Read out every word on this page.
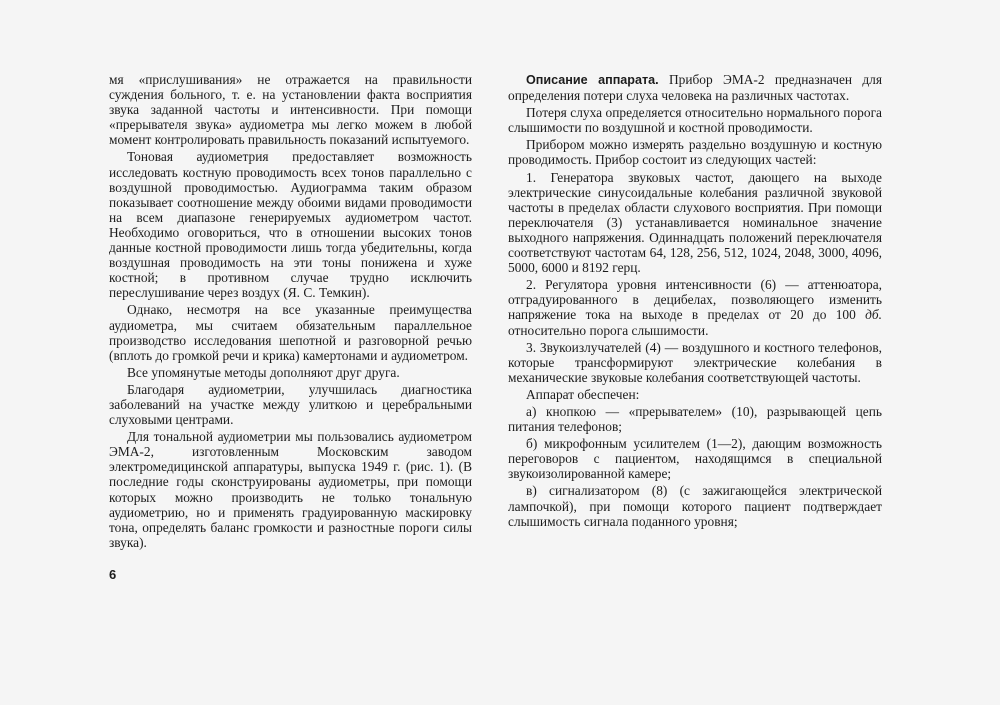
мя «прислушивания» не отражается на правильности суждения больного, т. е. на установлении факта восприятия звука заданной частоты и интенсивности. При помощи «прерывателя звука» аудиометра мы легко можем в любой момент контролировать правильность показаний испытуемого.

Тоновая аудиометрия предоставляет возможность исследовать костную проводимость всех тонов параллельно с воздушной проводимостью. Аудиограмма таким образом показывает соотношение между обоими видами проводимости на всем диапазоне генерируемых аудиометром частот. Необходимо оговориться, что в отношении высоких тонов данные костной проводимости лишь тогда убедительны, когда воздушная проводимость на эти тоны понижена и хуже костной; в противном случае трудно исключить переслушивание через воздух (Я. С. Темкин).

Однако, несмотря на все указанные преимущества аудиометра, мы считаем обязательным параллельное производство исследования шепотной и разговорной речью (вплоть до громкой речи и крика) камертонами и аудиометром.

Все упомянутые методы дополняют друг друга.

Благодаря аудиометрии, улучшилась диагностика заболеваний на участке между улиткою и церебральными слуховыми центрами.

Для тональной аудиометрии мы пользовались аудиометром ЭМА-2, изготовленным Московским заводом электромедицинской аппаратуры, выпуска 1949 г. (рис. 1). (В последние годы сконструированы аудиометры, при помощи которых можно производить не только тональную аудиометрию, но и применять градуированную маскировку тона, определять баланс громкости и разностные пороги силы звука).

Описание аппарата. Прибор ЭМА-2 предназначен для определения потери слуха человека на различных частотах.

Потеря слуха определяется относительно нормального порога слышимости по воздушной и костной проводимости.

Прибором можно измерять раздельно воздушную и костную проводимость. Прибор состоит из следующих частей:

1. Генератора звуковых частот, дающего на выходе электрические синусоидальные колебания различной звуковой частоты в пределах области слухового восприятия. При помощи переключателя (3) устанавливается номинальное значение выходного напряжения. Одиннадцать положений переключателя соответствуют частотам 64, 128, 256, 512, 1024, 2048, 3000, 4096, 5000, 6000 и 8192 герц.

2. Регулятора уровня интенсивности (6) — аттенюатора, отградуированного в децибелах, позволяющего изменить напряжение тока на выходе в пределах от 20 до 100 дб. относительно порога слышимости.

3. Звукоизлучателей (4) — воздушного и костного телефонов, которые трансформируют электрические колебания в механические звуковые колебания соответствующей частоты.

Аппарат обеспечен:

а) кнопкою — «прерывателем» (10), разрывающей цепь питания телефонов;

б) микрофонным усилителем (1—2), дающим возможность переговоров с пациентом, находящимся в специальной звукоизолированной камере;

в) сигнализатором (8) (с зажигающейся электрической лампочкой), при помощи которого пациент подтверждает слышимость сигнала поданного уровня;

6
